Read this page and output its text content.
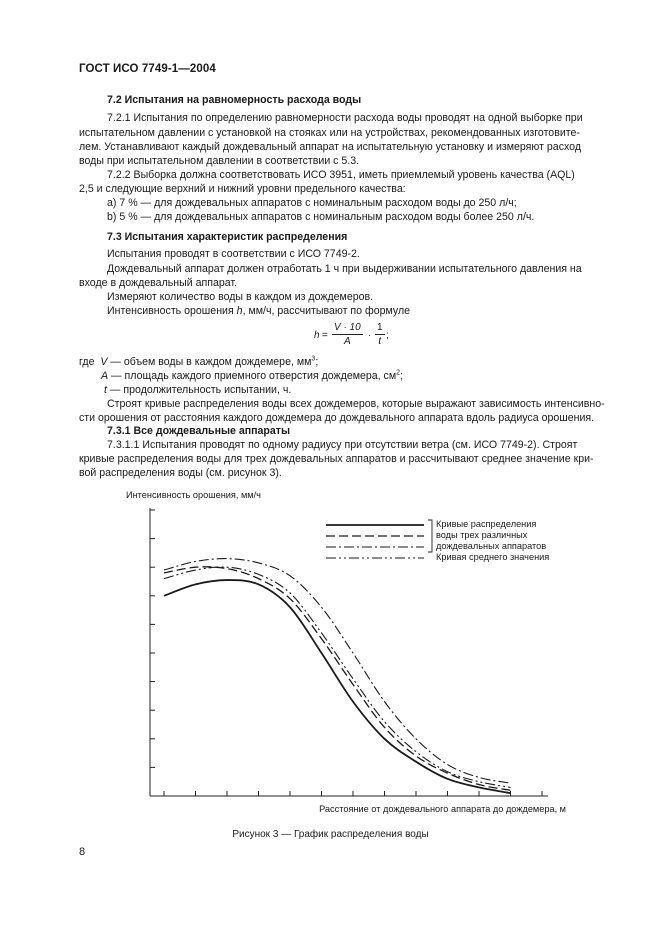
ГОСТ ИСО 7749-1—2004
7.2 Испытания на равномерность расхода воды
7.2.1 Испытания по определению равномерности расхода воды проводят на одной выборке при
испытательном давлении с установкой на стояках или на устройствах, рекомендованных изготовите-
лем. Устанавливают каждый дождевальный аппарат на испытательную установку и измеряют расход
воды при испытательном давлении в соответствии с 5.3.
7.2.2 Выборка должна соответствовать ИСО 3951, иметь приемлемый уровень качества (AQL)
2,5 и следующие верхний и нижний уровни предельного качества:
a) 7 % — для дождевальных аппаратов с номинальным расходом воды до 250 л/ч;
b) 5 % — для дождевальных аппаратов с номинальным расходом воды более 250 л/ч.
7.3 Испытания характеристик распределения
Испытания проводят в соответствии с ИСО 7749-2.
Дождевальный аппарат должен отработать 1 ч при выдерживании испытательного давления на
входе в дождевальный аппарат.
Измеряют количество воды в каждом из дождемеров.
Интенсивность орошения h, мм/ч, рассчитывают по формуле
$h = \frac{V \cdot 10}{A} \cdot \frac{1}{t}$ ;
где V — объем воды в каждом дождемере, $мм^3$;
A — площадь каждого приемного отверстия дождемера, $см^2$;
t — продолжительность испытании, ч.
Строят кривые распределения воды всех дождемеров, которые выражают зависимость интенсивно-
сти орошения от расстояния каждого дождемера до дождевального аппарата вдоль радиуса орошения.
7.3.1 Все дождевальные аппараты
7.3.1.1 Испытания проводят по одному радиусу при отсутствии ветра (см. ИСО 7749-2). Строят
кривые распределения воды для трех дождевальных аппаратов и рассчитывают среднее значение кри-
вой распределения воды (см. рисунок 3).
Интенсивность орошения, мм/ч
Расстояние от дождевального аппарата до дождемера, м
Кривые распределения
воды трех различных
дождевальных аппаратов
Кривая среднего значения
Рисунок 3 — График распределения воды
8
